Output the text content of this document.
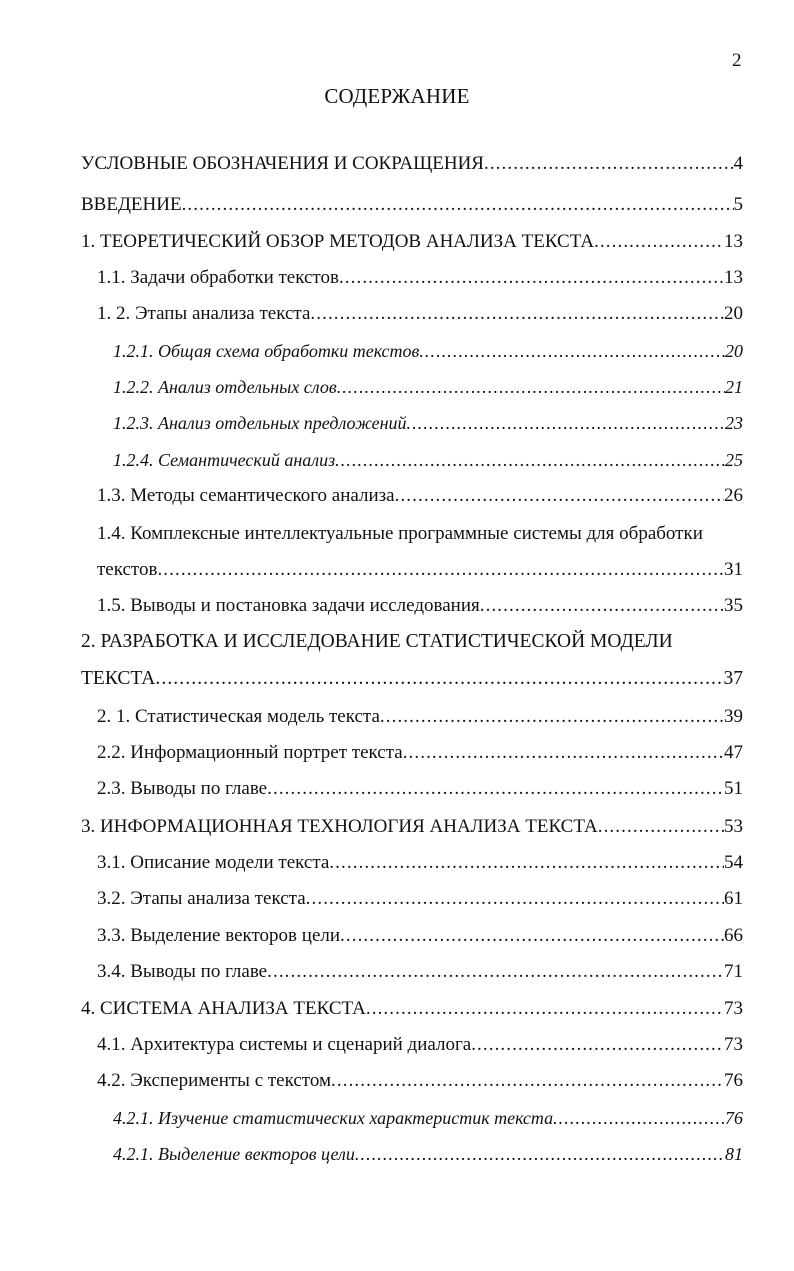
2
СОДЕРЖАНИЕ
УСЛОВНЫЕ ОБОЗНАЧЕНИЯ И СОКРАЩЕНИЯ .....	4
ВВЕДЕНИЕ .....	5
1. ТЕОРЕТИЧЕСКИЙ ОБЗОР МЕТОДОВ АНАЛИЗА ТЕКСТА .....	13
1.1. Задачи обработки текстов .....	13
1. 2. Этапы анализа текста .....	20
1.2.1. Общая схема обработки текстов .....	20
1.2.2. Анализ отдельных слов .....	21
1.2.3. Анализ отдельных предложений .....	23
1.2.4. Семантический анализ .....	25
1.3. Методы семантического анализа .....	26
1.4. Комплексные интеллектуальные программные системы для обработки
текстов .....	31
1.5. Выводы и постановка задачи исследования .....	35
2. РАЗРАБОТКА И ИССЛЕДОВАНИЕ СТАТИСТИЧЕСКОЙ МОДЕЛИ
ТЕКСТА .....	37
2. 1. Статистическая модель текста .....	39
2.2. Информационный портрет текста .....	47
2.3. Выводы по главе .....	51
3. ИНФОРМАЦИОННАЯ ТЕХНОЛОГИЯ АНАЛИЗА ТЕКСТА .....	53
3.1. Описание модели текста .....	54
3.2. Этапы анализа текста .....	61
3.3. Выделение векторов цели .....	66
3.4. Выводы по главе .....	71
4. СИСТЕМА АНАЛИЗА ТЕКСТА .....	73
4.1. Архитектура системы и сценарий диалога .....	73
4.2. Эксперименты с текстом .....	76
4.2.1. Изучение статистических характеристик текста .....	76
4.2.1. Выделение векторов цели .....	81
